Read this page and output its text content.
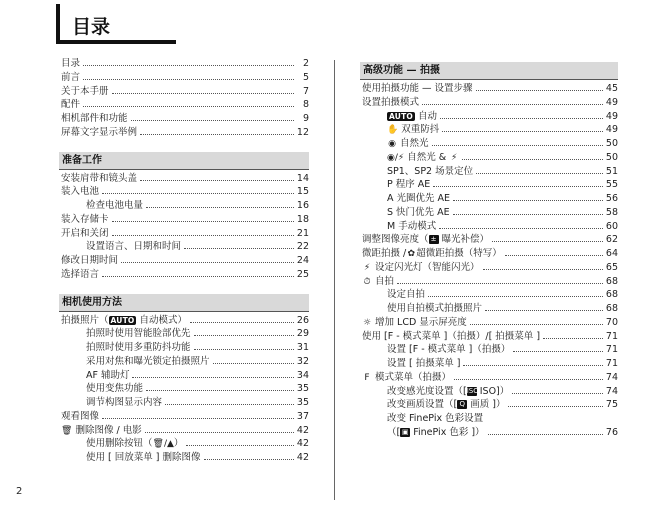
目录
目录	2
前言	5
关于本手册	7
配件	8
相机部件和功能	9
屏幕文字显示举例	12
准备工作
安装肩带和镜头盖	14
装入电池	15
检查电池电量	16
装入存储卡	18
开启和关闭	21
设置语言、日期和时间	22
修改日期时间	24
选择语言	25
相机使用方法
拍摄照片（ AUTO 自动模式）	26
拍照时使用智能脸部优先	29
拍照时使用多重防抖功能	31
采用对焦和曝光锁定拍摄照片	32
AF 辅助灯	34
使用变焦功能	35
调节构图显示内容	35
观看图像	37
🗑 删除图像 / 电影	42
使用删除按钮（🗑/▲）	42
使用 [ 回放菜单 ] 删除图像	42
高级功能 — 拍摄
使用拍摄功能 — 设置步骤	45
设置拍摄模式	49
AUTO 自动	49
✋ 双重防抖	49
◉ 自然光	50
◉/⚡ 自然光 & ⚡	50
SP1、SP2 场景定位	51
P 程序 AE	55
A 光圈优先 AE	56
S 快门优先 AE	58
M 手动模式	60
调整图像亮度（ ± 曝光补偿）	62
微距拍摄 /✿超微距拍摄（特写）	64
⚡ 设定闪光灯（智能闪光）	65
⏱ 自拍	68
设定自拍	68
使用自拍模式拍摄照片	68
☼ 增加 LCD 显示屏亮度	70
使用 [F - 模式菜单 ]（拍摄）/[ 拍摄菜单 ]	71
设置 [F - 模式菜单 ]（拍摄）	71
设置 [ 拍摄菜单 ]	71
F 模式菜单（拍摄）	74
改变感光度设置（[ISO ISO]）	74
改变画质设置（[ Q 画质 ]）	75
改变 FinePix 色彩设置
（[ ▣ FinePix 色彩 ]）	76
2
